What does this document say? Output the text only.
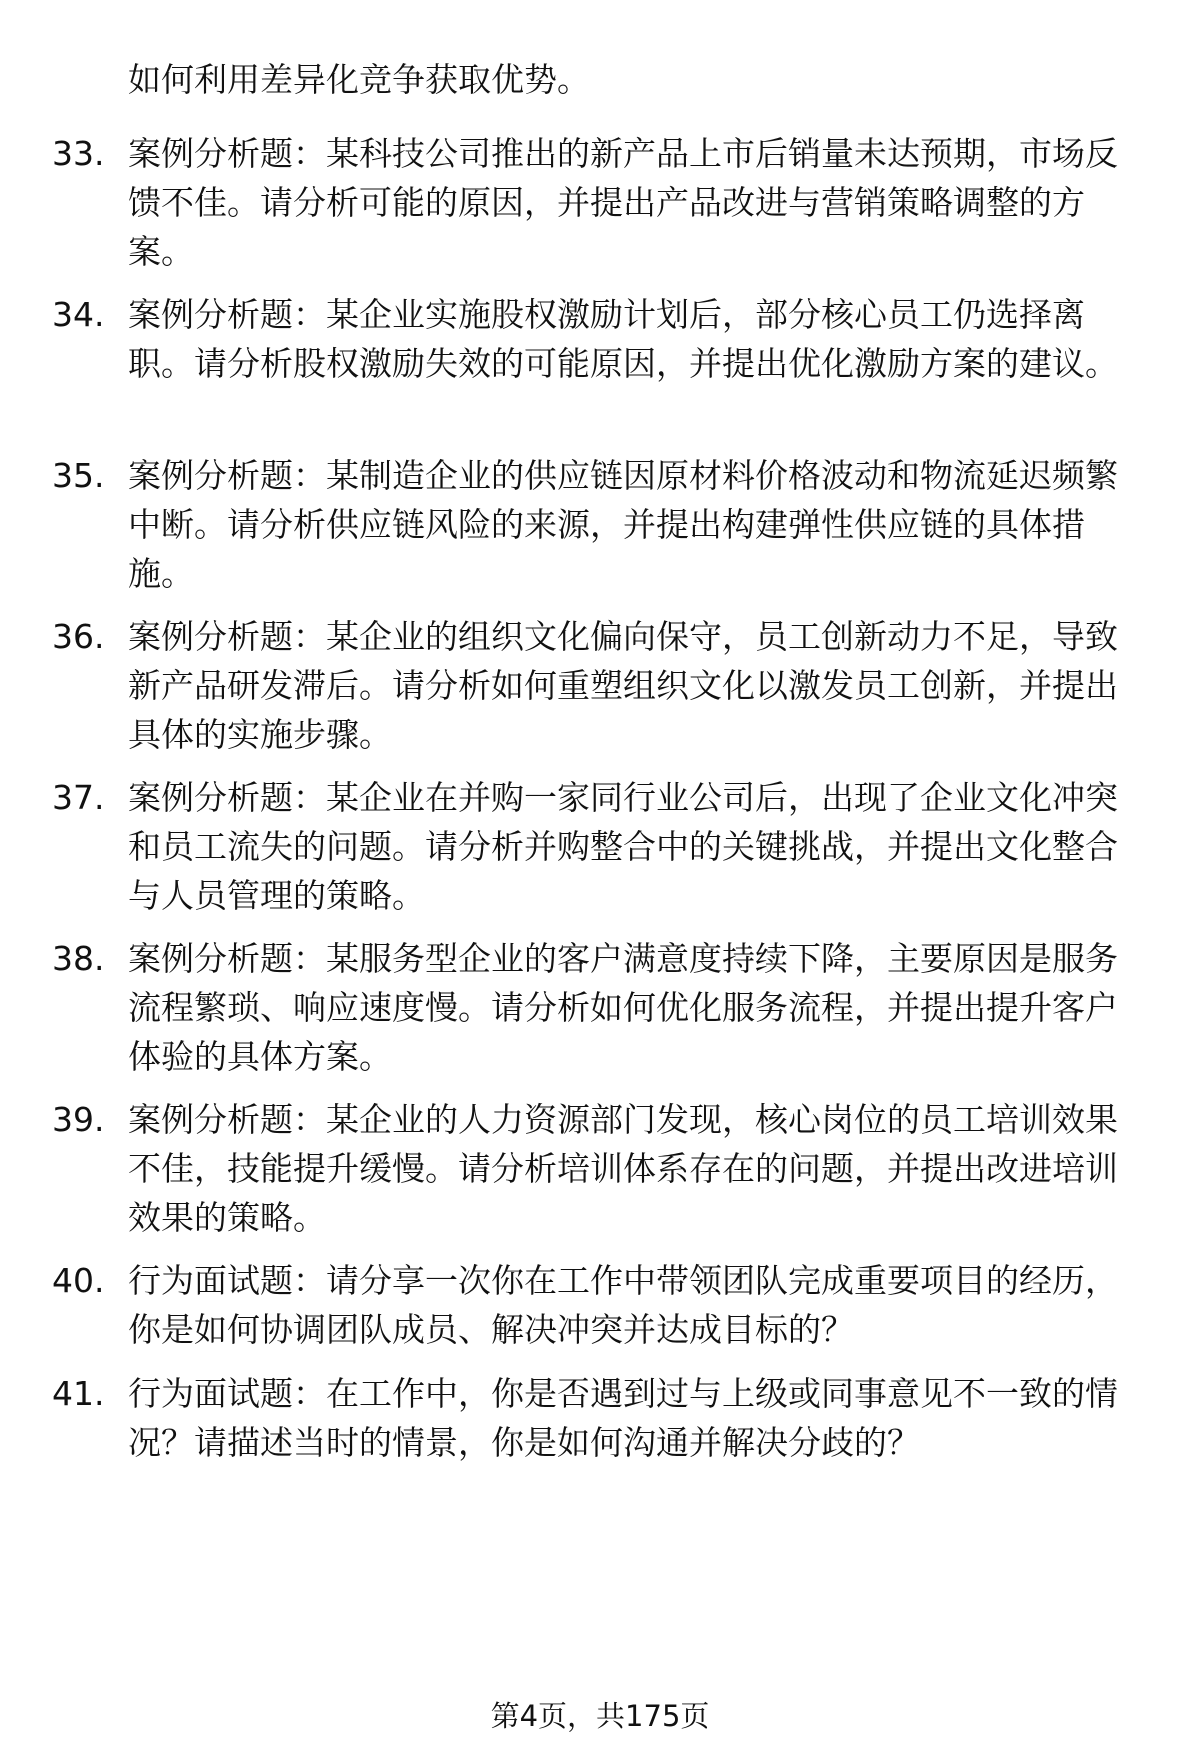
如何利用差异化竞争获取优势。
33. 案例分析题：某科技公司推出的新产品上市后销量未达预期，市场反馈不佳。请分析可能的原因，并提出产品改进与营销策略调整的方案。
34. 案例分析题：某企业实施股权激励计划后，部分核心员工仍选择离职。请分析股权激励失效的可能原因，并提出优化激励方案的建议。
35. 案例分析题：某制造企业的供应链因原材料价格波动和物流延迟频繁中断。请分析供应链风险的来源，并提出构建弹性供应链的具体措施。
36. 案例分析题：某企业的组织文化偏向保守，员工创新动力不足，导致新产品研发滞后。请分析如何重塑组织文化以激发员工创新，并提出具体的实施步骤。
37. 案例分析题：某企业在并购一家同行业公司后，出现了企业文化冲突和员工流失的问题。请分析并购整合中的关键挑战，并提出文化整合与人员管理的策略。
38. 案例分析题：某服务型企业的客户满意度持续下降，主要原因是服务流程繁琐、响应速度慢。请分析如何优化服务流程，并提出提升客户体验的具体方案。
39. 案例分析题：某企业的人力资源部门发现，核心岗位的员工培训效果不佳，技能提升缓慢。请分析培训体系存在的问题，并提出改进培训效果的策略。
40. 行为面试题：请分享一次你在工作中带领团队完成重要项目的经历，你是如何协调团队成员、解决冲突并达成目标的？
41. 行为面试题：在工作中，你是否遇到过与上级或同事意见不一致的情况？请描述当时的情景，你是如何沟通并解决分歧的？
第4页，共175页
